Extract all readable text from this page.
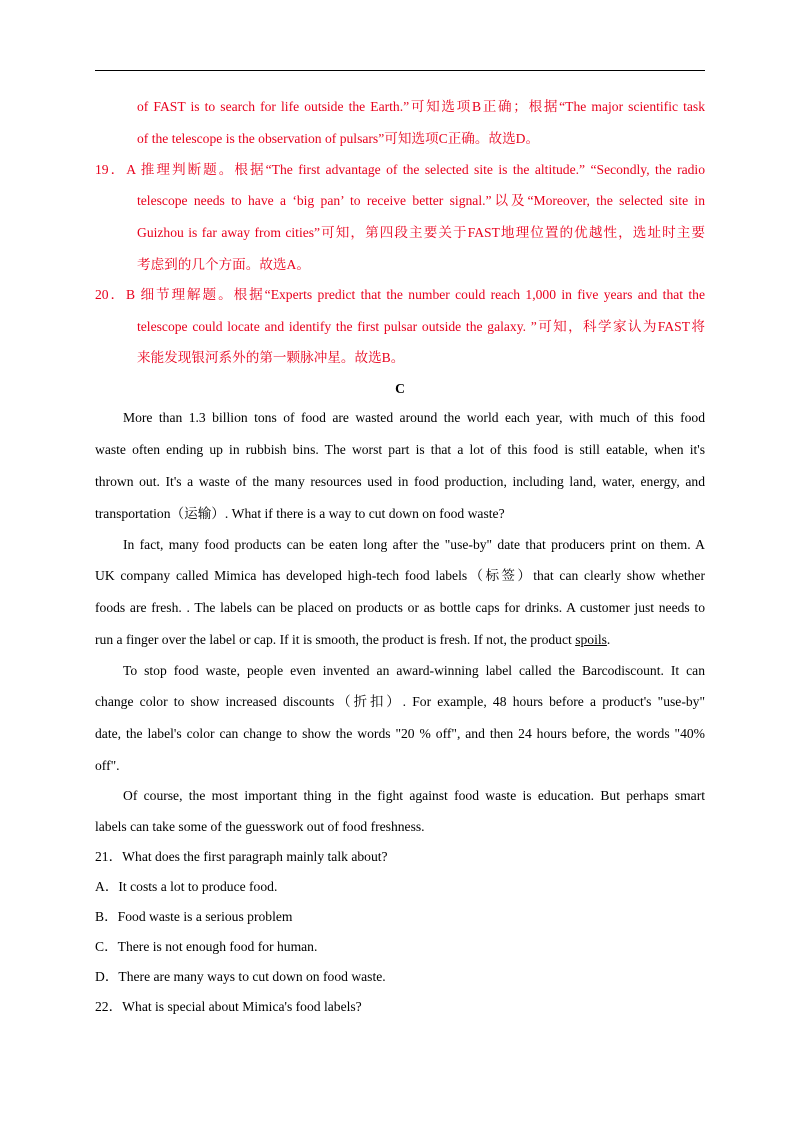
of FAST is to search for life outside the Earth.”可知选项B正确；根据“The major scientific task
of the telescope is the observation of pulsars”可知选项C正确。故选D。
19．A 推理判断题。根据“The first advantage of the selected site is the altitude.” “Secondly, the radio
telescope needs to have a ‘big pan’ to receive better signal.”以及“Moreover, the selected site in
Guizhou is far away from cities”可知，第四段主要关于FAST地理位置的优越性，选址时主要
考虑到的几个方面。故选A。
20．B 细节理解题。根据“Experts predict that the number could reach 1,000 in five years and that the
telescope could locate and identify the first pulsar outside the galaxy. ”可知，科学家认为FAST将
来能发现银河系外的第一颗脉冲星。故选B。
C
More than 1.3 billion tons of food are wasted around the world each year, with much of this food
waste often ending up in rubbish bins. The worst part is that a lot of this food is still eatable, when it's
thrown out. It's a waste of the many resources used in food production, including land, water, energy, and
transportation（运输）. What if there is a way to cut down on food waste?
In fact, many food products can be eaten long after the "use-by" date that producers print on them. A
UK company called Mimica has developed high-tech food labels（标签）that can clearly show whether
foods are fresh. . The labels can be placed on products or as bottle caps for drinks. A customer just needs to
run a finger over the label or cap. If it is smooth, the product is fresh. If not, the product spoils.
To stop food waste, people even invented an award-winning label called the Barcodiscount. It can
change color to show increased discounts（折扣）. For example, 48 hours before a product's "use-by"
date, the label's color can change to show the words "20 % off", and then 24 hours before, the words "40%
off".
Of course, the most important thing in the fight against food waste is education. But perhaps smart
labels can take some of the guesswork out of food freshness.
21．What does the first paragraph mainly talk about?
A．It costs a lot to produce food.
B．Food waste is a serious problem
C．There is not enough food for human.
D．There are many ways to cut down on food waste.
22．What is special about Mimica's food labels?
